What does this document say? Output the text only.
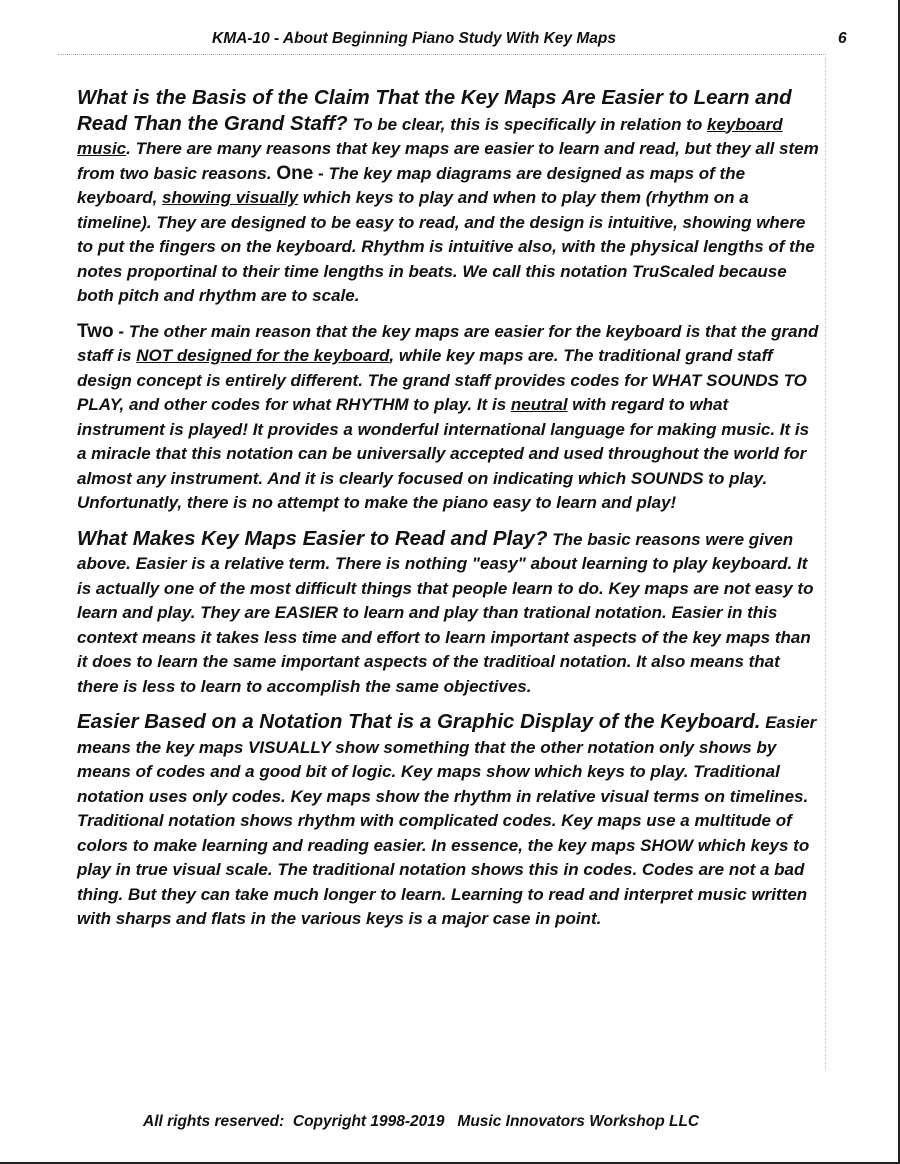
KMA-10 - About Beginning Piano Study With Key Maps	6

What is the Basis of the Claim That the Key Maps Are Easier to Learn and Read Than the Grand Staff? To be clear, this is specifically in relation to keyboard music. There are many reasons that key maps are easier to learn and read, but they all stem from two basic reasons. One - The key map diagrams are designed as maps of the keyboard, showing visually which keys to play and when to play them (rhythm on a timeline). They are designed to be easy to read, and the design is intuitive, showing where to put the fingers on the keyboard. Rhythm is intuitive also, with the physical lengths of the notes proportinal to their time lengths in beats. We call this notation TruScaled because both pitch and rhythm are to scale.

Two - The other main reason that the key maps are easier for the keyboard is that the grand staff is NOT designed for the keyboard, while key maps are. The traditional grand staff design concept is entirely different. The grand staff provides codes for WHAT SOUNDS TO PLAY, and other codes for what RHYTHM to play. It is neutral with regard to what instrument is played! It provides a wonderful international language for making music. It is a miracle that this notation can be universally accepted and used throughout the world for almost any instrument. And it is clearly focused on indicating which SOUNDS to play. Unfortunatly, there is no attempt to make the piano easy to learn and play!

What Makes Key Maps Easier to Read and Play? The basic reasons were given above. Easier is a relative term. There is nothing "easy" about learning to play keyboard. It is actually one of the most difficult things that people learn to do. Key maps are not easy to learn and play. They are EASIER to learn and play than trational notation. Easier in this context means it takes less time and effort to learn important aspects of the key maps than it does to learn the same important aspects of the traditioal notation. It also means that there is less to learn to accomplish the same objectives.

Easier Based on a Notation That is a Graphic Display of the Keyboard. Easier means the key maps VISUALLY show something that the other notation only shows by means of codes and a good bit of logic. Key maps show which keys to play. Traditional notation uses only codes. Key maps show the rhythm in relative visual terms on timelines. Traditional notation shows rhythm with complicated codes. Key maps use a multitude of colors to make learning and reading easier. In essence, the key maps SHOW which keys to play in true visual scale. The traditional notation shows this in codes. Codes are not a bad thing. But they can take much longer to learn. Learning to read and interpret music written with sharps and flats in the various keys is a major case in point.

All rights reserved:  Copyright 1998-2019   Music Innovators Workshop LLC
